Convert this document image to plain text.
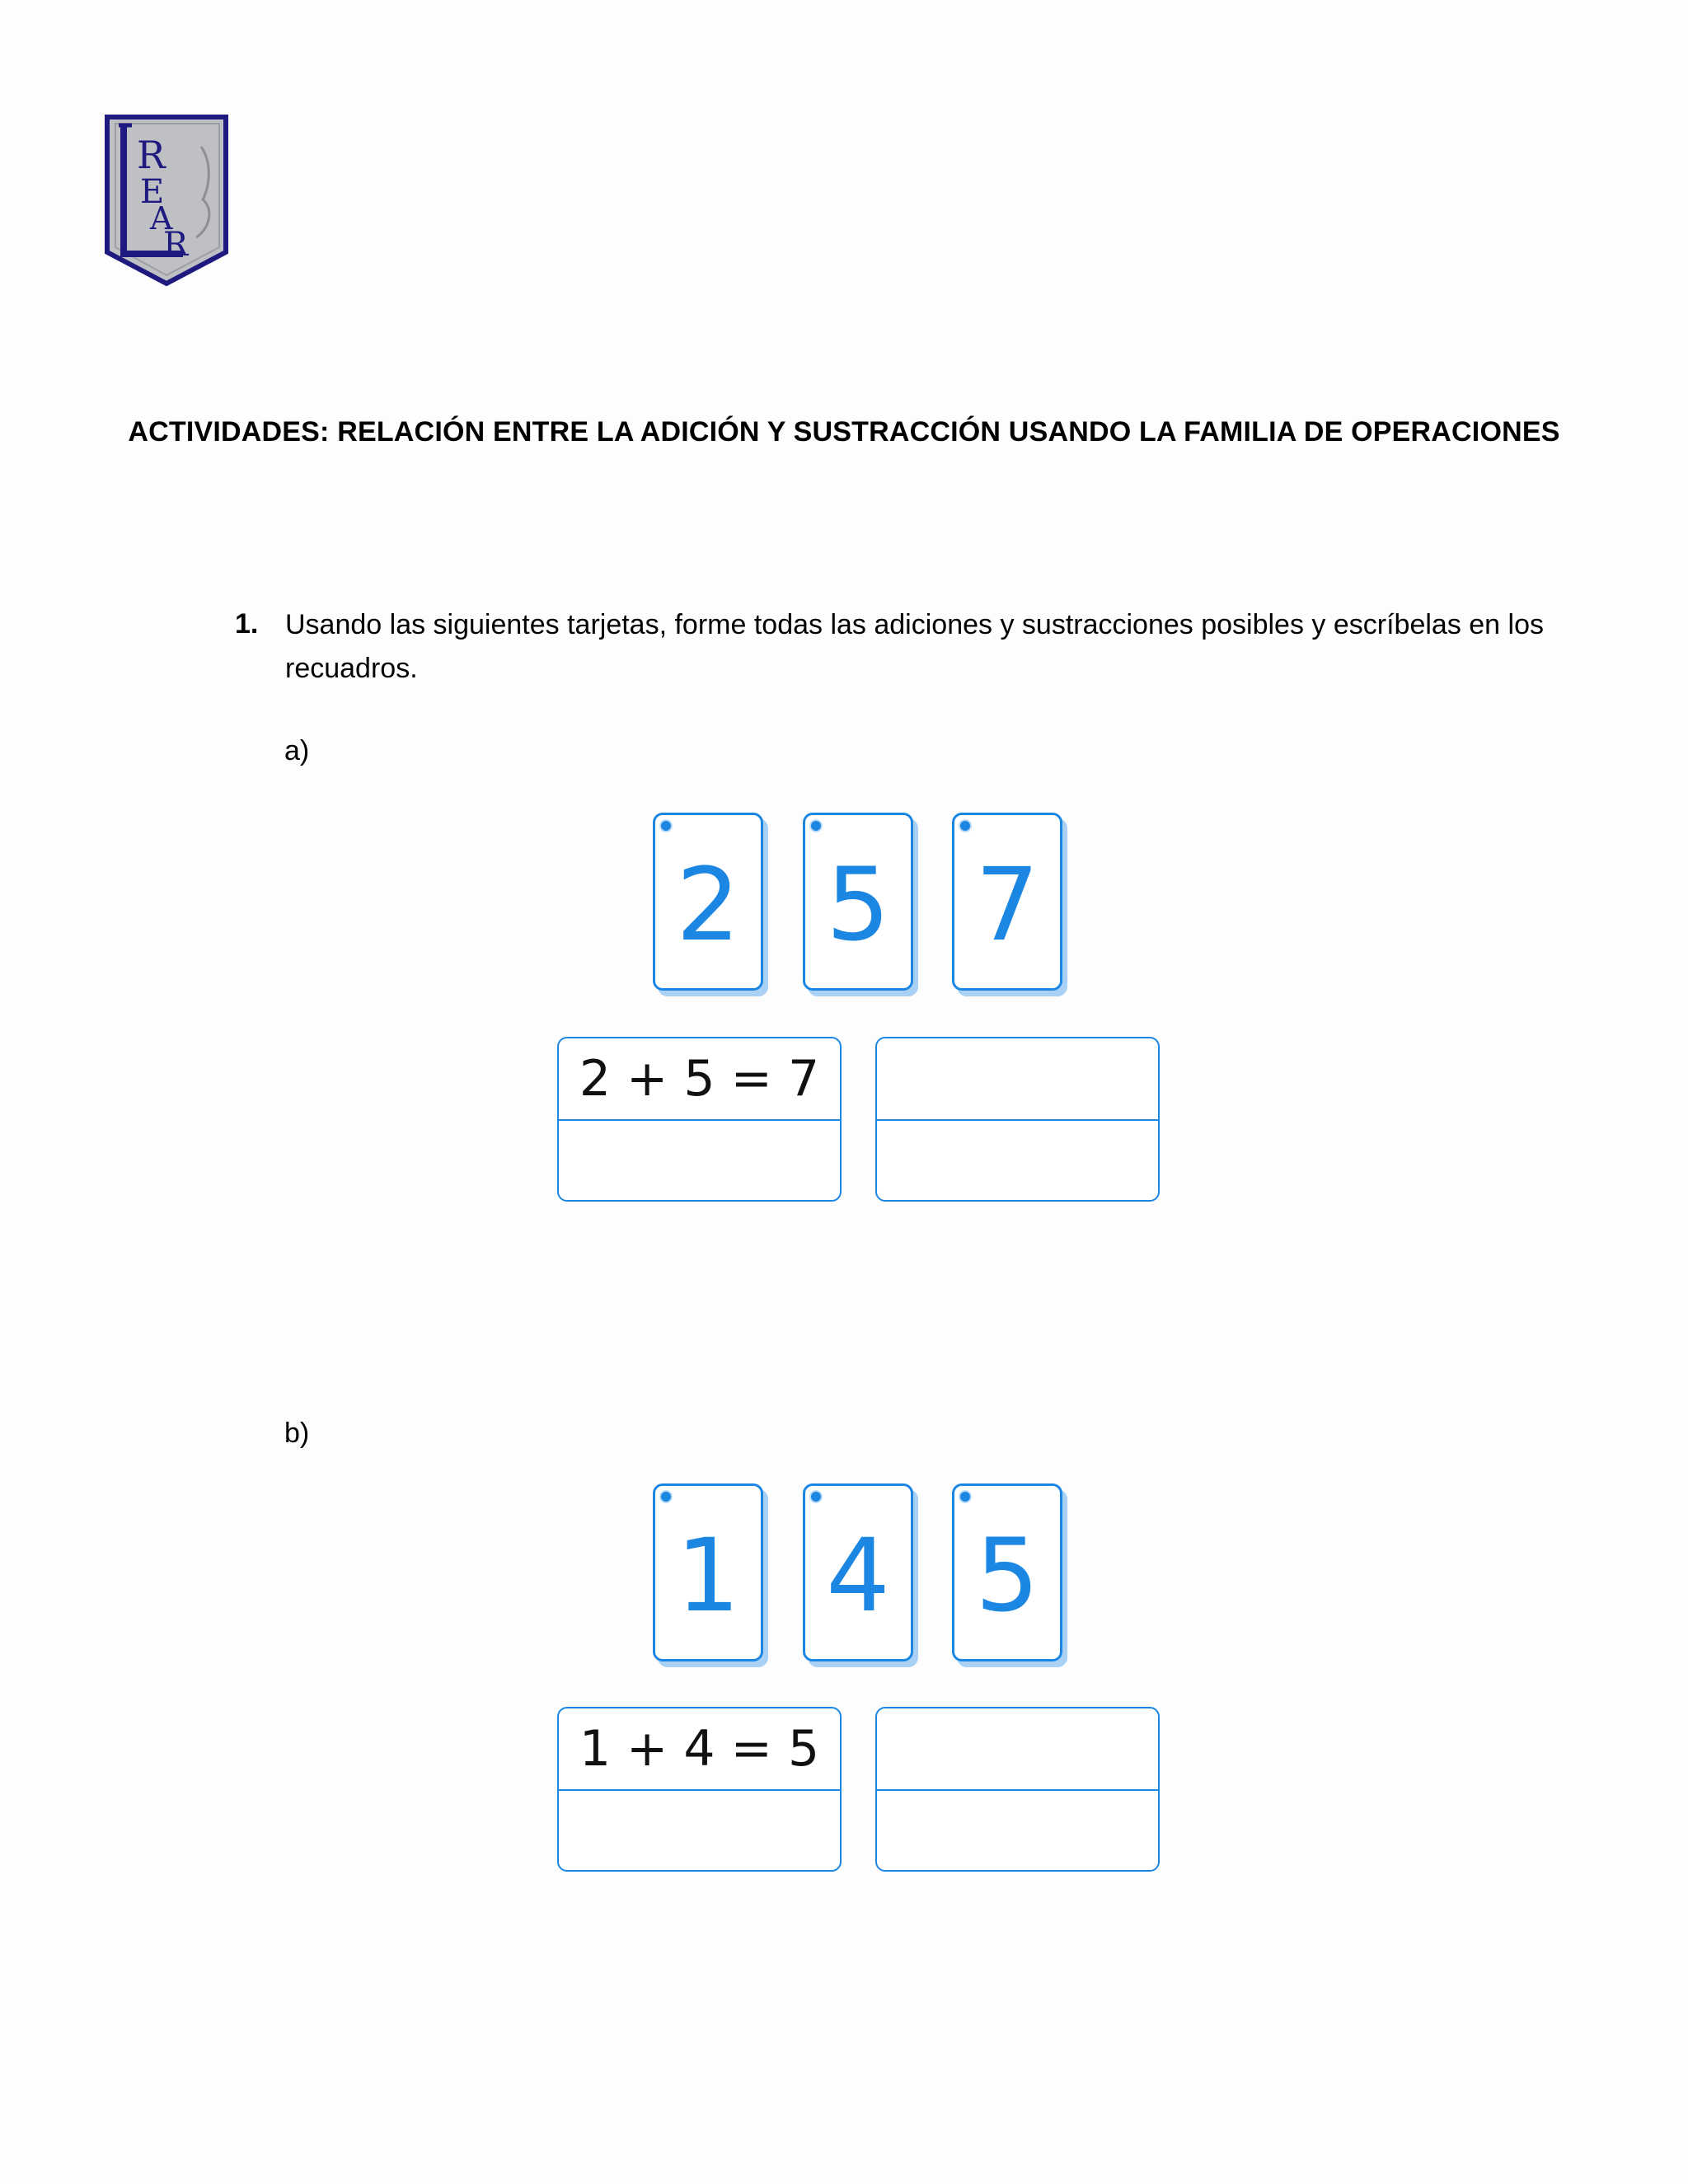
R
E
A
R
ACTIVIDADES: RELACIÓN ENTRE LA ADICIÓN Y SUSTRACCIÓN USANDO LA FAMILIA DE OPERACIONES
1. Usando las siguientes tarjetas, forme todas las adiciones y sustracciones posibles y escríbelas en los recuadros.
a)
2 5 7
2 + 5 = 7
b)
1 4 5
1 + 4 = 5
